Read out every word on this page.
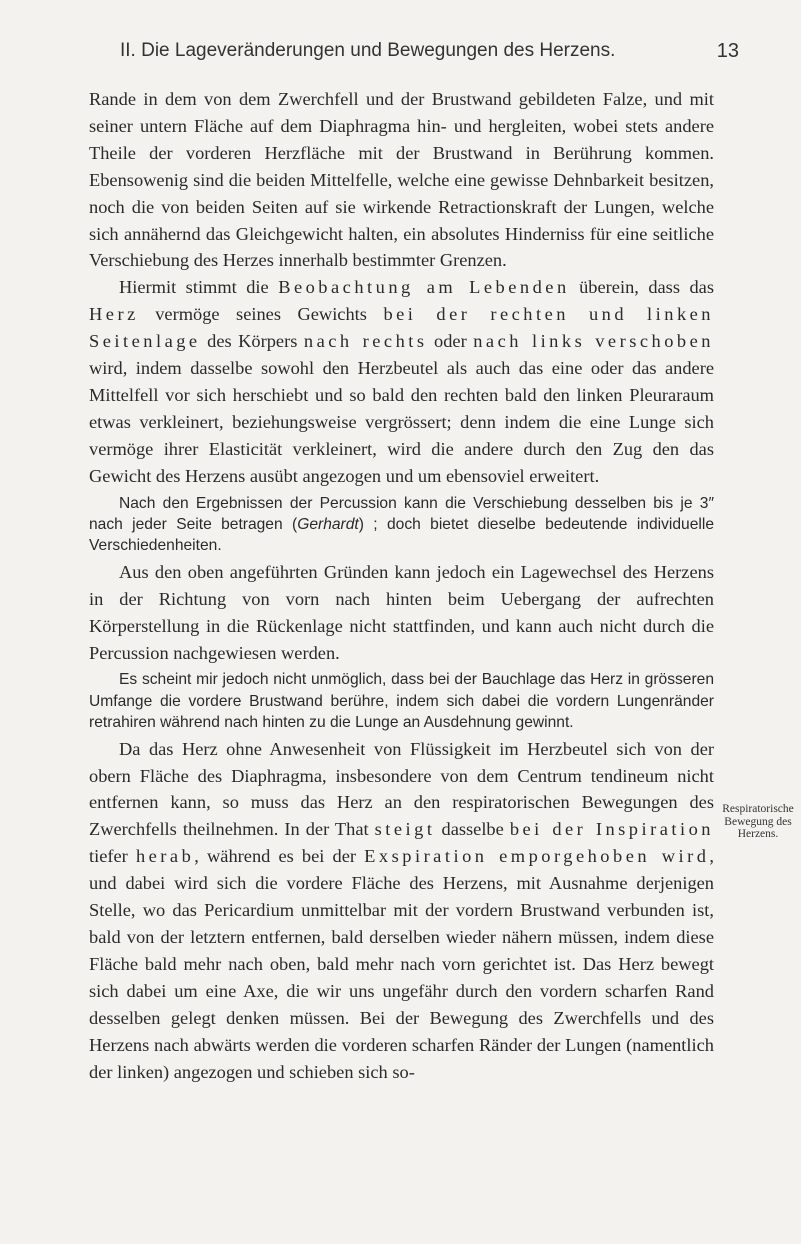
II. Die Lageveränderungen und Bewegungen des Herzens.	13

Rande in dem von dem Zwerchfell und der Brustwand gebildeten Falze, und mit seiner untern Fläche auf dem Diaphragma hin- und hergleiten, wobei stets andere Theile der vorderen Herzfläche mit der Brustwand in Berührung kommen. Ebensowenig sind die beiden Mittelfelle, welche eine gewisse Dehnbarkeit besitzen, noch die von beiden Seiten auf sie wirkende Retractionskraft der Lungen, welche sich annähernd das Gleichgewicht halten, ein absolutes Hinderniss für eine seitliche Verschiebung des Herzes innerhalb bestimmter Grenzen.

Hiermit stimmt die Beobachtung am Lebenden überein, dass das Herz vermöge seines Gewichts bei der rechten und linken Seitenlage des Körpers nach rechts oder nach links verschoben wird, indem dasselbe sowohl den Herzbeutel als auch das eine oder das andere Mittelfell vor sich herschiebt und so bald den rechten bald den linken Pleuraraum etwas verkleinert, beziehungsweise vergrössert; denn indem die eine Lunge sich vermöge ihrer Elasticität verkleinert, wird die andere durch den Zug den das Gewicht des Herzens ausübt angezogen und um ebensoviel erweitert.

Nach den Ergebnissen der Percussion kann die Verschiebung desselben bis je 3″ nach jeder Seite betragen (Gerhardt) ; doch bietet dieselbe bedeutende individuelle Verschiedenheiten.

Aus den oben angeführten Gründen kann jedoch ein Lagewechsel des Herzens in der Richtung von vorn nach hinten beim Uebergang der aufrechten Körperstellung in die Rückenlage nicht stattfinden, und kann auch nicht durch die Percussion nachgewiesen werden.

Es scheint mir jedoch nicht unmöglich, dass bei der Bauchlage das Herz in grösseren Umfange die vordere Brustwand berühre, indem sich dabei die vordern Lungenränder retrahiren während nach hinten zu die Lunge an Ausdehnung gewinnt.

Da das Herz ohne Anwesenheit von Flüssigkeit im Herzbeutel sich von der obern Fläche des Diaphragma, insbesondere von dem Centrum tendineum nicht entfernen kann, so muss das Herz an den respiratorischen Bewegungen des Zwerchfells theilnehmen. In der That steigt dasselbe bei der Inspiration tiefer herab, während es bei der Exspiration emporgehoben wird, und dabei wird sich die vordere Fläche des Herzens, mit Ausnahme derjenigen Stelle, wo das Pericardium unmittelbar mit der vordern Brustwand verbunden ist, bald von der letztern entfernen, bald derselben wieder nähern müssen, indem diese Fläche bald mehr nach oben, bald mehr nach vorn gerichtet ist. Das Herz bewegt sich dabei um eine Axe, die wir uns ungefähr durch den vordern scharfen Rand desselben gelegt denken müssen. Bei der Bewegung des Zwerchfells und des Herzens nach abwärts werden die vorderen scharfen Ränder der Lungen (namentlich der linken) angezogen und schieben sich so-

Respiratorische
Bewegung des
Herzens.
